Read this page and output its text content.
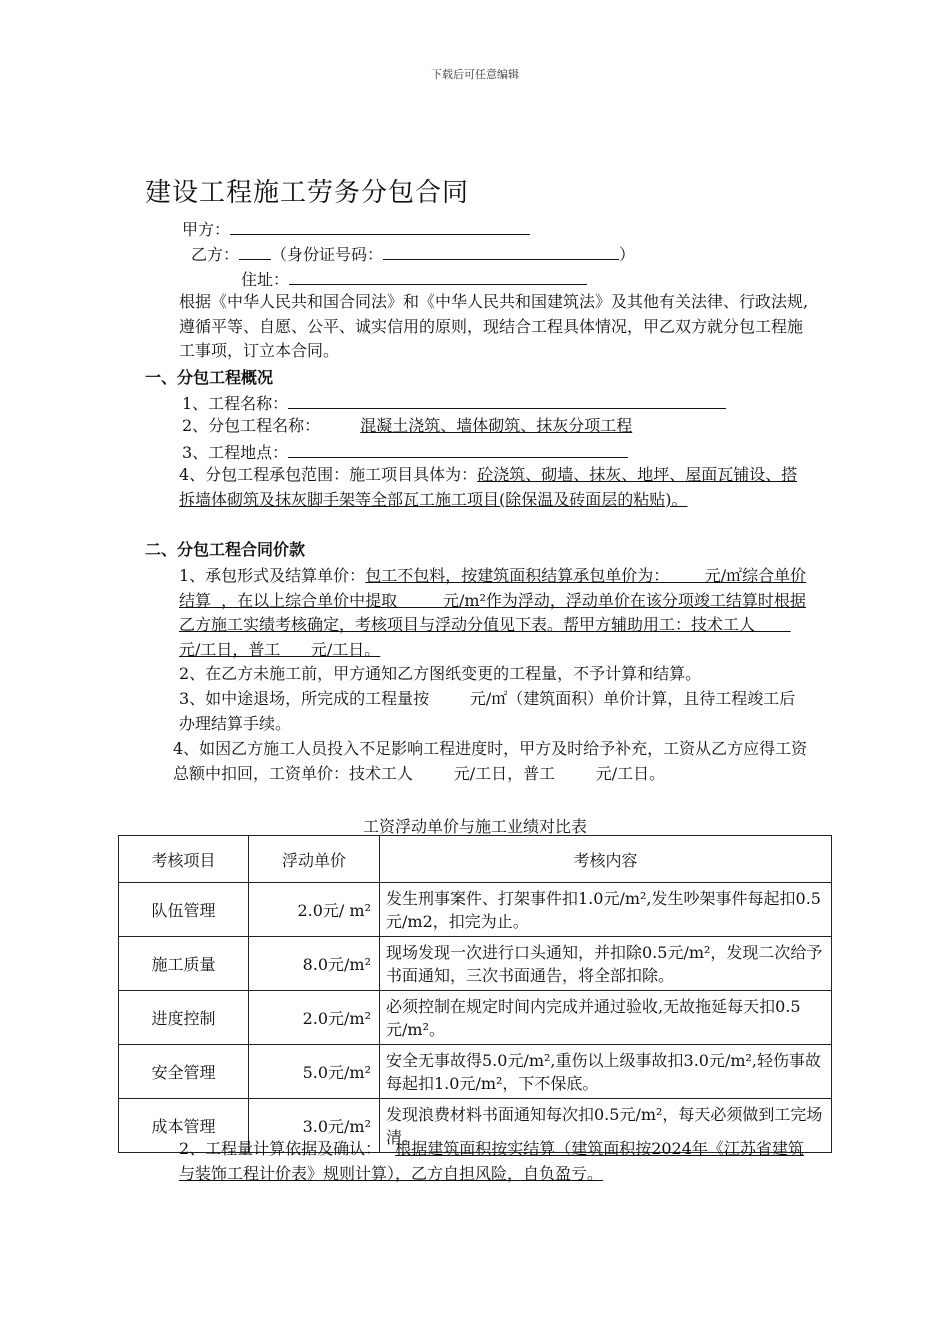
下载后可任意编辑
建设工程施工劳务分包合同
甲方：
乙方： （身份证号码：	）
住址：
根据《中华人民共和国合同法》和《中华人民共和国建筑法》及其他有关法律、行政法规,遵循平等、自愿、公平、诚实信用的原则，现结合工程具体情况，甲乙双方就分包工程施工事项，订立本合同。
一、分包工程概况
1、工程名称：
2、分包工程名称：	混凝土浇筑、墙体砌筑、抹灰分项工程
3、工程地点：
4、分包工程承包范围：施工项目具体为：砼浇筑、砌墙、抹灰、地坪、屋面瓦铺设、搭拆墙体砌筑及抹灰脚手架等全部瓦工施工项目(除保温及砖面层的粘贴)。
二、分包工程合同价款
1、承包形式及结算单价：包工不包料，按建筑面积结算承包单价为：       元/㎡综合单价结算  ，在以上综合单价中提取         元/m²作为浮动，浮动单价在该分项竣工结算时根据乙方施工实绩考核确定，考核项目与浮动分值见下表。帮甲方辅助用工：技术工人       元/工日，普工      元/工日。
2、在乙方未施工前，甲方通知乙方图纸变更的工程量，不予计算和结算。
3、如中途退场，所完成的工程量按        元/㎡（建筑面积）单价计算，且待工程竣工后办理结算手续。
4、如因乙方施工人员投入不足影响工程进度时，甲方及时给予补充，工资从乙方应得工资总额中扣回，工资单价：技术工人        元/工日，普工        元/工日。
工资浮动单价与施工业绩对比表
考核项目	浮动单价	考核内容
队伍管理	2.0元/ m²	发生刑事案件、打架事件扣1.0元/m²,发生吵架事件每起扣0.5元/m2，扣完为止。
施工质量	8.0元/m²	现场发现一次进行口头通知，并扣除0.5元/m²，发现二次给予书面通知，三次书面通告，将全部扣除。
进度控制	2.0元/m²	必须控制在规定时间内完成并通过验收,无故拖延每天扣0.5元/m²。
安全管理	5.0元/m²	安全无事故得5.0元/m²,重伤以上级事故扣3.0元/m²,轻伤事故每起扣1.0元/m²，下不保底。
成本管理	3.0元/m²	发现浪费材料书面通知每次扣0.5元/m²，每天必须做到工完场清。
2、工程量计算依据及确认： 根据建筑面积按实结算（建筑面积按2024年《江苏省建筑与装饰工程计价表》规则计算），乙方自担风险，自负盈亏。
